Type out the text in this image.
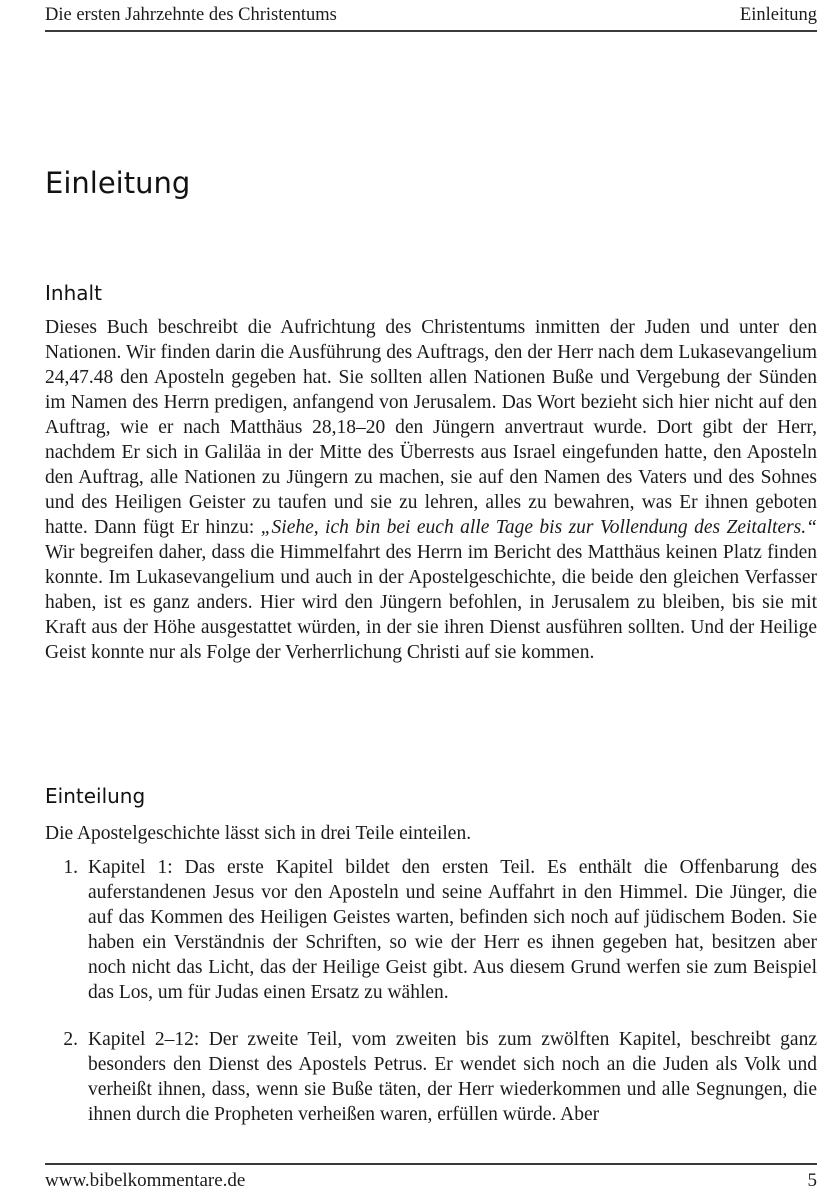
Die ersten Jahrzehnte des Christentums	Einleitung
Einleitung
Inhalt

Dieses Buch beschreibt die Aufrichtung des Christentums inmitten der Juden und unter den Nationen. Wir finden darin die Ausführung des Auftrags, den der Herr nach dem Lukasevangelium 24,47.48 den Aposteln gegeben hat. Sie sollten allen Nationen Buße und Vergebung der Sünden im Namen des Herrn predigen, anfangend von Jerusalem. Das Wort bezieht sich hier nicht auf den Auftrag, wie er nach Matthäus 28,18–20 den Jüngern anvertraut wurde. Dort gibt der Herr, nachdem Er sich in Galiläa in der Mitte des Überrests aus Israel eingefunden hatte, den Aposteln den Auftrag, alle Nationen zu Jüngern zu machen, sie auf den Namen des Vaters und des Sohnes und des Heiligen Geister zu taufen und sie zu lehren, alles zu bewahren, was Er ihnen geboten hatte. Dann fügt Er hinzu: „Siehe, ich bin bei euch alle Tage bis zur Vollendung des Zeitalters.“ Wir begreifen daher, dass die Himmelfahrt des Herrn im Bericht des Matthäus keinen Platz finden konnte. Im Lukasevangelium und auch in der Apostelgeschichte, die beide den gleichen Verfasser haben, ist es ganz anders. Hier wird den Jüngern befohlen, in Jerusalem zu bleiben, bis sie mit Kraft aus der Höhe ausgestattet würden, in der sie ihren Dienst ausführen sollten. Und der Heilige Geist konnte nur als Folge der Verherrlichung Christi auf sie kommen.

Einteilung

Die Apostelgeschichte lässt sich in drei Teile einteilen.

1. Kapitel 1: Das erste Kapitel bildet den ersten Teil. Es enthält die Offenbarung des auferstandenen Jesus vor den Aposteln und seine Auffahrt in den Himmel. Die Jünger, die auf das Kommen des Heiligen Geistes warten, befinden sich noch auf jüdischem Boden. Sie haben ein Verständnis der Schriften, so wie der Herr es ihnen gegeben hat, besitzen aber noch nicht das Licht, das der Heilige Geist gibt. Aus diesem Grund werfen sie zum Beispiel das Los, um für Judas einen Ersatz zu wählen.

2. Kapitel 2–12: Der zweite Teil, vom zweiten bis zum zwölften Kapitel, beschreibt ganz besonders den Dienst des Apostels Petrus. Er wendet sich noch an die Juden als Volk und verheißt ihnen, dass, wenn sie Buße täten, der Herr wiederkommen und alle Segnungen, die ihnen durch die Propheten verheißen waren, erfüllen würde. Aber

www.bibelkommentare.de	5
